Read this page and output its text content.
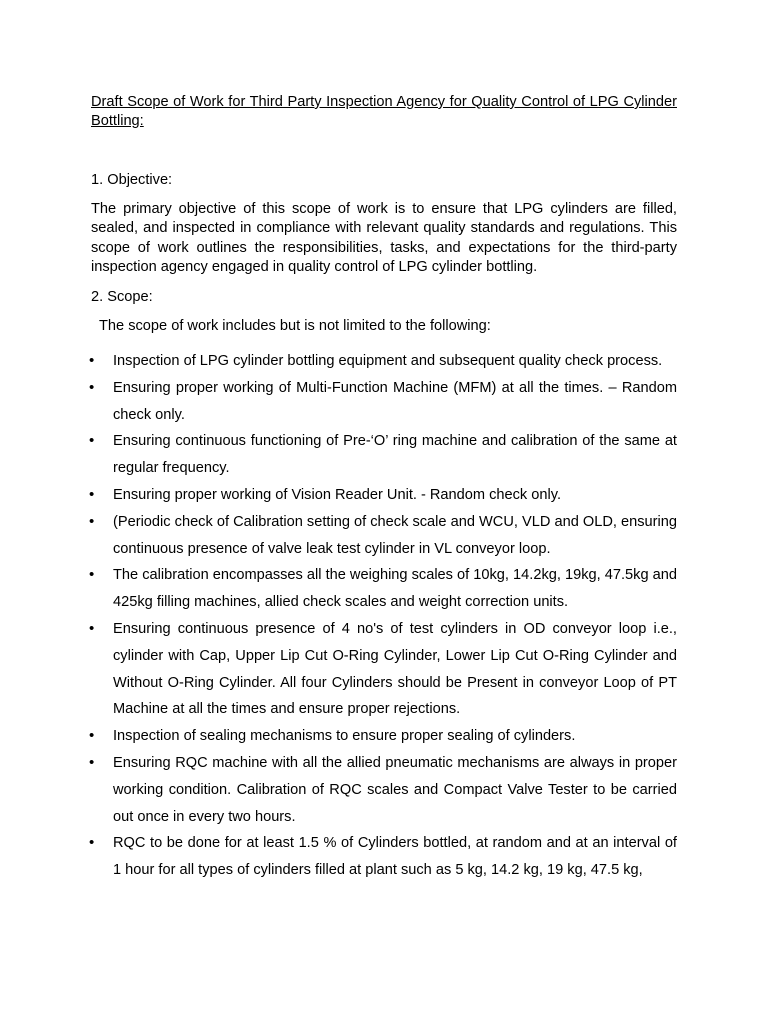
Draft Scope of Work for Third Party Inspection Agency for Quality Control of LPG Cylinder Bottling:

1. Objective:

The primary objective of this scope of work is to ensure that LPG cylinders are filled, sealed, and inspected in compliance with relevant quality standards and regulations. This scope of work outlines the responsibilities, tasks, and expectations for the third-party inspection agency engaged in quality control of LPG cylinder bottling.

2. Scope:

The scope of work includes but is not limited to the following:

• Inspection of LPG cylinder bottling equipment and subsequent quality check process.
• Ensuring proper working of Multi-Function Machine (MFM) at all the times. – Random check only.
• Ensuring continuous functioning of Pre-‘O’ ring machine and calibration of the same at regular frequency.
• Ensuring proper working of Vision Reader Unit. - Random check only.
• (Periodic check of Calibration setting of check scale and WCU, VLD and OLD, ensuring continuous presence of valve leak test cylinder in VL conveyor loop.
• The calibration encompasses all the weighing scales of 10kg, 14.2kg, 19kg, 47.5kg and 425kg filling machines, allied check scales and weight correction units.
• Ensuring continuous presence of 4 no's of test cylinders in OD conveyor loop i.e., cylinder with Cap, Upper Lip Cut O-Ring Cylinder, Lower Lip Cut O-Ring Cylinder and Without O-Ring Cylinder. All four Cylinders should be Present in conveyor Loop of PT Machine at all the times and ensure proper rejections.
• Inspection of sealing mechanisms to ensure proper sealing of cylinders.
• Ensuring RQC machine with all the allied pneumatic mechanisms are always in proper working condition. Calibration of RQC scales and Compact Valve Tester to be carried out once in every two hours.
• RQC to be done for at least 1.5 % of Cylinders bottled, at random and at an interval of 1 hour for all types of cylinders filled at plant such as 5 kg, 14.2 kg, 19 kg, 47.5 kg,
